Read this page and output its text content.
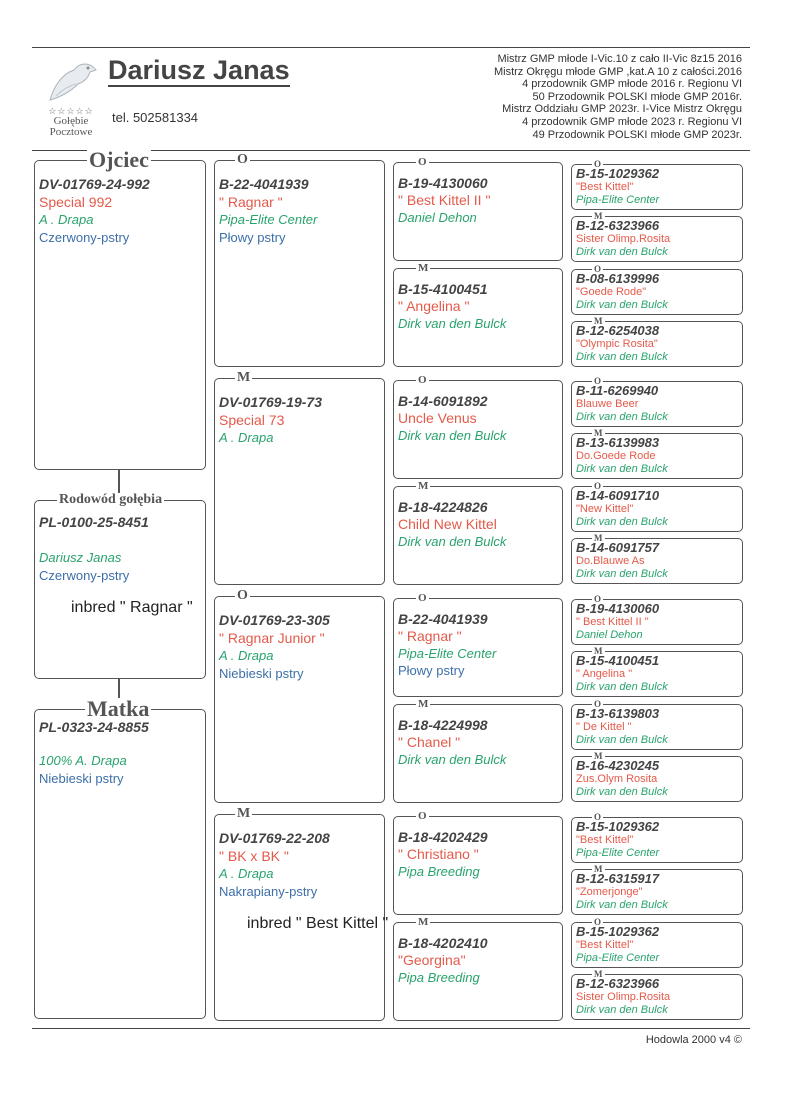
☆☆☆☆☆
Gołębie
Pocztowe
Dariusz Janas
tel. 502581334
Mistrz GMP młode I-Vic.10 z cało II-Vic 8z15 2016
Mistrz Okręgu młode GMP ,kat.A 10 z całości.2016
4 przodownik GMP młode 2016 r. Regionu VI
50 Przodownik POLSKI młode GMP 2016r.
Mistrz Oddziału GMP 2023r. I-Vice Mistrz Okręgu
4 przodownik GMP młode 2023 r. Regionu VI
49 Przodownik POLSKI młode GMP 2023r.
Ojciec
DV-01769-24-992
Special 992
A . Drapa
Czerwony-pstry
Rodowód gołębia
PL-0100-25-8451
Dariusz Janas
Czerwony-pstry
inbred " Ragnar "
Matka
PL-0323-24-8855
100% A. Drapa
Niebieski pstry
O
B-22-4041939
" Ragnar "
Pipa-Elite Center
Płowy pstry
M
DV-01769-19-73
Special 73
A . Drapa
O
DV-01769-23-305
" Ragnar Junior "
A . Drapa
Niebieski pstry
M
DV-01769-22-208
" BK x BK "
A . Drapa
Nakrapiany-pstry
inbred " Best Kittel "
O
B-19-4130060
" Best Kittel II "
Daniel Dehon
M
B-15-4100451
" Angelina "
Dirk van den Bulck
O
B-14-6091892
Uncle Venus
Dirk van den Bulck
M
B-18-4224826
Child New Kittel
Dirk van den Bulck
O
B-22-4041939
" Ragnar "
Pipa-Elite Center
Płowy pstry
M
B-18-4224998
" Chanel "
Dirk van den Bulck
O
B-18-4202429
" Christiano "
Pipa Breeding
M
B-18-4202410
"Georgina"
Pipa Breeding
O
B-15-1029362
"Best Kittel"
Pipa-Elite Center
M
B-12-6323966
Sister Olimp.Rosita
Dirk van den Bulck
O
B-08-6139996
"Goede Rode"
Dirk van den Bulck
M
B-12-6254038
"Olympic Rosita"
Dirk van den Bulck
O
B-11-6269940
Blauwe Beer
Dirk van den Bulck
M
B-13-6139983
Do.Goede Rode
Dirk van den Bulck
O
B-14-6091710
"New Kittel"
Dirk van den Bulck
M
B-14-6091757
Do.Blauwe As
Dirk van den Bulck
O
B-19-4130060
" Best Kittel II "
Daniel Dehon
M
B-15-4100451
" Angelina "
Dirk van den Bulck
O
B-13-6139803
" De Kittel "
Dirk van den Bulck
M
B-16-4230245
Zus.Olym Rosita
Dirk van den Bulck
O
B-15-1029362
"Best Kittel"
Pipa-Elite Center
M
B-12-6315917
"Zomerjonge"
Dirk van den Bulck
O
B-15-1029362
"Best Kittel"
Pipa-Elite Center
M
B-12-6323966
Sister Olimp.Rosita
Dirk van den Bulck
Hodowla 2000 v4 ©
